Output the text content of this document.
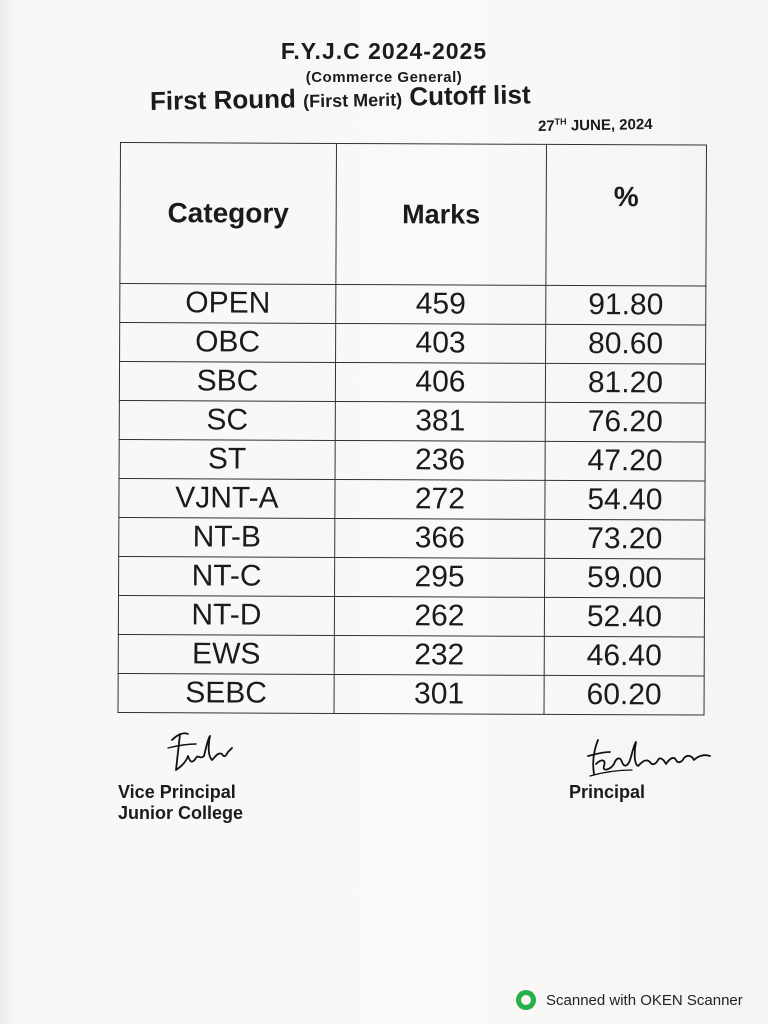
F.Y.J.C 2024-2025
(Commerce General)
First Round (First Merit) Cutoff list
27TH JUNE, 2024
Category	Marks	%
OPEN	459	91.80
OBC	403	80.60
SBC	406	81.20
SC	381	76.20
ST	236	47.20
VJNT-A	272	54.40
NT-B	366	73.20
NT-C	295	59.00
NT-D	262	52.40
EWS	232	46.40
SEBC	301	60.20
Vice Principal
Junior College
Principal
Scanned with OKEN Scanner
